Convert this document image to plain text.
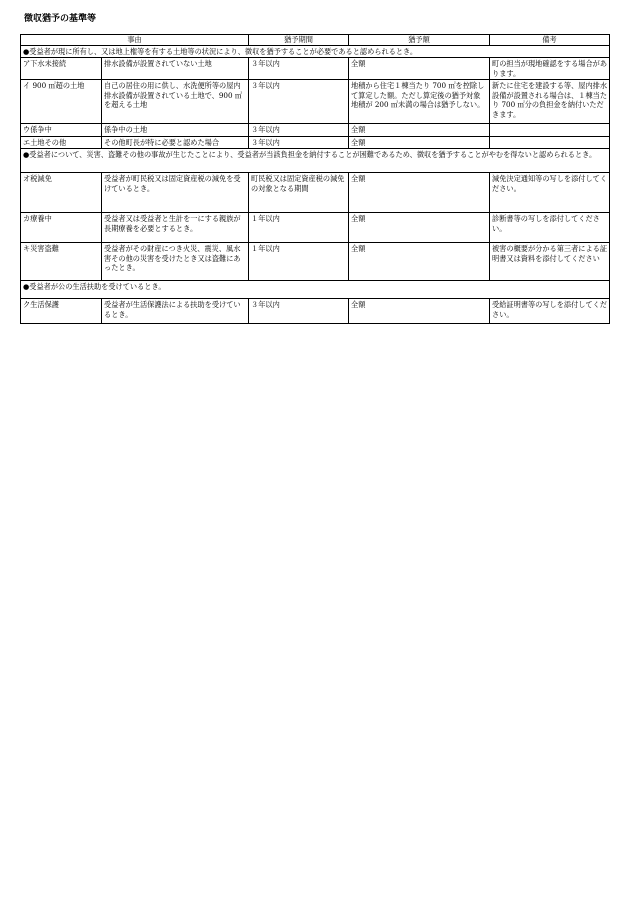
徴収猶予の基準等
事由		猶予期間	猶予額	備考
●受益者が現に所有し、又は地上権等を有する土地等の状況により、徴収を猶予することが必要であると認められるとき。				
ア下水未接続	排水設備が設置されていない土地	３年以内	全額	町の担当が現地確認をする場合があります。
イ 900 ㎡超の土地	自己の居住の用に供し、水洗便所等の屋内排水設備が設置されている土地で、900 ㎡を超える土地	３年以内	地積から住宅１棟当たり 700 ㎡を控除して算定した額。ただし算定後の猶予対象地積が 200 ㎡未満の場合は猶予しない。	新たに住宅を建設する等、屋内排水設備が設置される場合は、１棟当たり 700 ㎡分の負担金を納付いただきます。
ウ係争中	係争中の土地	３年以内	全額	
エ土地その他	その他町長が特に必要と認めた場合	３年以内	全額	
●受益者について、災害、盗難その他の事故が生じたことにより、受益者が当該負担金を納付することが困難であるため、徴収を猶予することがやむを得ないと認められるとき。				
オ税減免	受益者が町民税又は固定資産税の減免を受けているとき。	町民税又は固定資産税の減免の対象となる期間	全額	減免決定通知等の写しを添付してください。
カ療養中	受益者又は受益者と生計を一にする親族が長期療養を必要とするとき。	１年以内	全額	診断書等の写しを添付してください。
キ災害盗難	受益者がその財産につき火災、震災、風水害その他の災害を受けたとき又は盗難にあったとき。	１年以内	全額	被害の概要が分かる第三者による証明書又は資料を添付してください
●受益者が公の生活扶助を受けているとき。				
ク生活保護	受益者が生活保護法による扶助を受けているとき。	３年以内	全額	受給証明書等の写しを添付してください。
